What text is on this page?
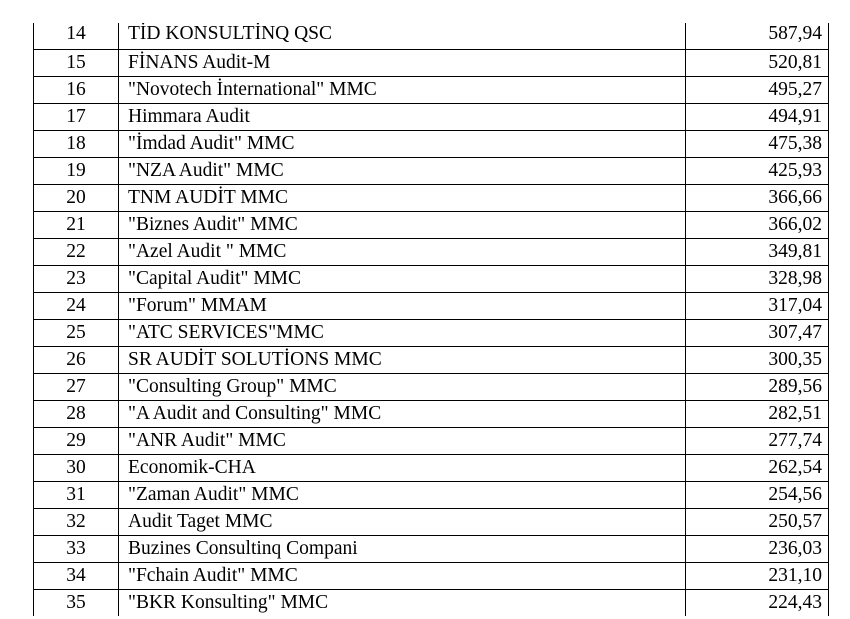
14	TİD KONSULTİNQ QSC	587,94
15	FİNANS Audit-M	520,81
16	"Novotech İnternational" MMC	495,27
17	Himmara Audit	494,91
18	"İmdad Audit" MMC	475,38
19	"NZA Audit" MMC	425,93
20	TNM AUDİT MMC	366,66
21	"Biznes Audit" MMC	366,02
22	"Azel Audit " MMC	349,81
23	"Capital Audit" MMC	328,98
24	"Forum" MMAM	317,04
25	"ATC SERVICES"MMC	307,47
26	SR AUDİT SOLUTİONS MMC	300,35
27	"Consulting Group" MMC	289,56
28	"A Audit and Consulting" MMC	282,51
29	"ANR Audit" MMC	277,74
30	Economik-CHA	262,54
31	"Zaman Audit" MMC	254,56
32	Audit Taget MMC	250,57
33	Buzines Consultinq Compani	236,03
34	"Fchain Audit" MMC	231,10
35	"BKR Konsulting" MMC	224,43
